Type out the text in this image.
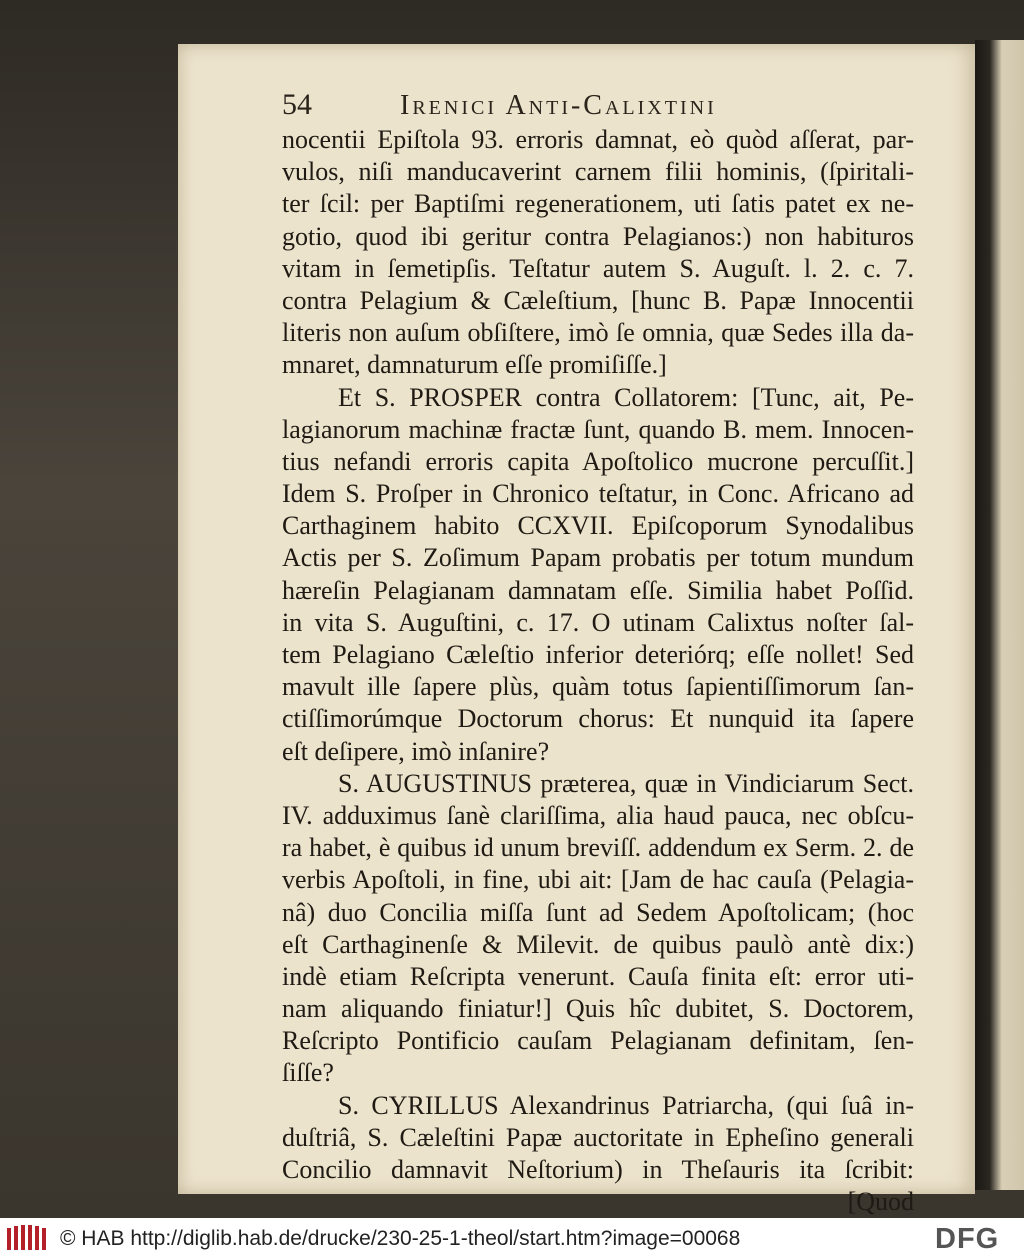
54	Irenici Anti-Calixtini
nocentii Epiſtola 93. erroris damnat, eò quòd aſſerat, par-
vulos, niſi manducaverint carnem filii hominis, (ſpiritali-
ter ſcil: per Baptiſmi regenerationem, uti ſatis patet ex ne-
gotio, quod ibi geritur contra Pelagianos:) non habituros
vitam in ſemetipſis. Teſtatur autem S. Auguſt. l. 2. c. 7.
contra Pelagium & Cæleſtium, [hunc B. Papæ Innocentii
literis non auſum obſiſtere, imò ſe omnia, quæ Sedes illa da-
mnaret, damnaturum eſſe promiſiſſe.]
Et S. PROSPER contra Collatorem: [Tunc, ait, Pe-
lagianorum machinæ fractæ ſunt, quando B. mem. Innocen-
tius nefandi erroris capita Apoſtolico mucrone percuſſit.]
Idem S. Proſper in Chronico teſtatur, in Conc. Africano ad
Carthaginem habito CCXVII. Epiſcoporum Synodalibus
Actis per S. Zoſimum Papam probatis per totum mundum
hæreſin Pelagianam damnatam eſſe. Similia habet Poſſid.
in vita S. Auguſtini, c. 17. O utinam Calixtus noſter ſal-
tem Pelagiano Cæleſtio inferior deteriórq; eſſe nollet! Sed
mavult ille ſapere plùs, quàm totus ſapientiſſimorum ſan-
ctiſſimorúmque Doctorum chorus: Et nunquid ita ſapere
eſt deſipere, imò inſanire?
S. AUGUSTINUS præterea, quæ in Vindiciarum Sect.
IV. adduximus ſanè clariſſima, alia haud pauca, nec obſcu-
ra habet, è quibus id unum breviſſ. addendum ex Serm. 2. de
verbis Apoſtoli, in fine, ubi ait: [Jam de hac cauſa (Pelagia-
nâ) duo Concilia miſſa ſunt ad Sedem Apoſtolicam; (hoc
eſt Carthaginenſe & Milevit. de quibus paulò antè dix:)
indè etiam Reſcripta venerunt. Cauſa finita eſt: error uti-
nam aliquando finiatur!] Quis hîc dubitet, S. Doctorem,
Reſcripto Pontificio cauſam Pelagianam definitam, ſen-
ſiſſe?
S. CYRILLUS Alexandrinus Patriarcha, (qui ſuâ in-
duſtriâ, S. Cæleſtini Papæ auctoritate in Epheſino generali
Concilio damnavit Neſtorium) in Theſauris ita ſcribit:
[Quod
© HAB http://diglib.hab.de/drucke/230-25-1-theol/start.htm?image=00068	DFG
